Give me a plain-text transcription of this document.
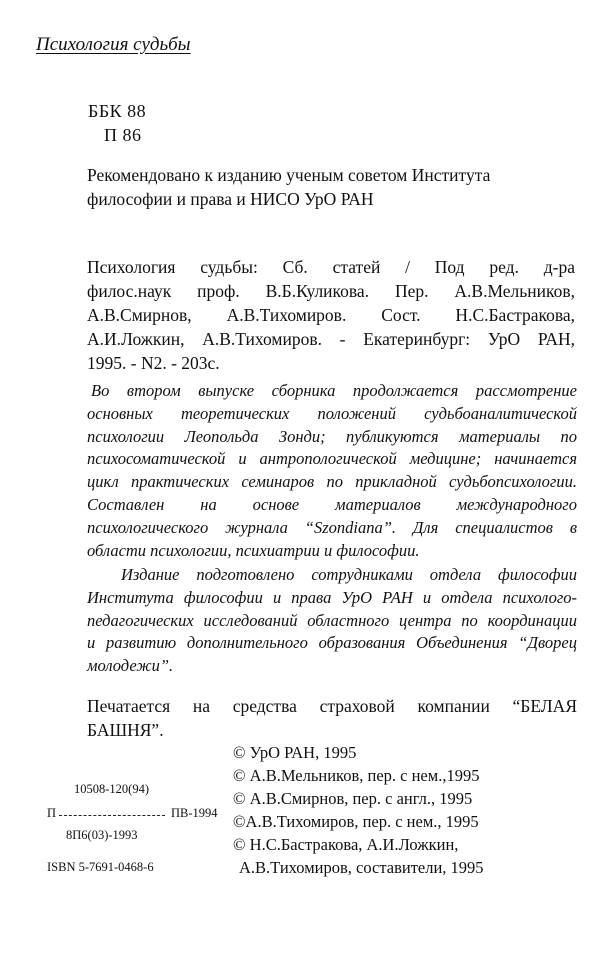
Психология судьбы
ББК 88
П 86
Рекомендовано к изданию ученым советом Института
философии и права и НИСО УрО РАН
Психология судьбы: Сб. статей / Под ред. д-ра
филос.наук проф. В.Б.Куликова. Пер. А.В.Мельников,
А.В.Смирнов, А.В.Тихомиров. Сост. Н.С.Бастракова,
А.И.Ложкин, А.В.Тихомиров. - Екатеринбург: УрО РАН,
1995. - N2. - 203с.
Во втором выпуске сборника продолжается рассмотрение
основных теоретических положений судьбоаналитической
психологии Леопольда Зонди; публикуются материалы по
психосоматической и антропологической медицине; начинается
цикл практических семинаров по прикладной судьбопсихологии.
Составлен на основе материалов международного
психологического журнала “Szondiana”. Для специалистов в
области психологии, психиатрии и философии.
Издание подготовлено сотрудниками отдела философии
Института философии и права УрО РАН и отдела психолого-
педагогических исследований областного центра по координации
и развитию дополнительного образования Объединения “Дворец
молодежи”.
Печатается на средства страховой компании “БЕЛАЯ
БАШНЯ”.
© УрО РАН, 1995
© А.В.Мельников, пер. с нем.,1995
© А.В.Смирнов, пер. с англ., 1995
©А.В.Тихомиров, пер. с нем., 1995
© Н.С.Бастракова, А.И.Ложкин,
А.В.Тихомиров, составители, 1995
10508-120(94)
П	ПВ-1994
8П6(03)-1993
ISBN 5-7691-0468-6
